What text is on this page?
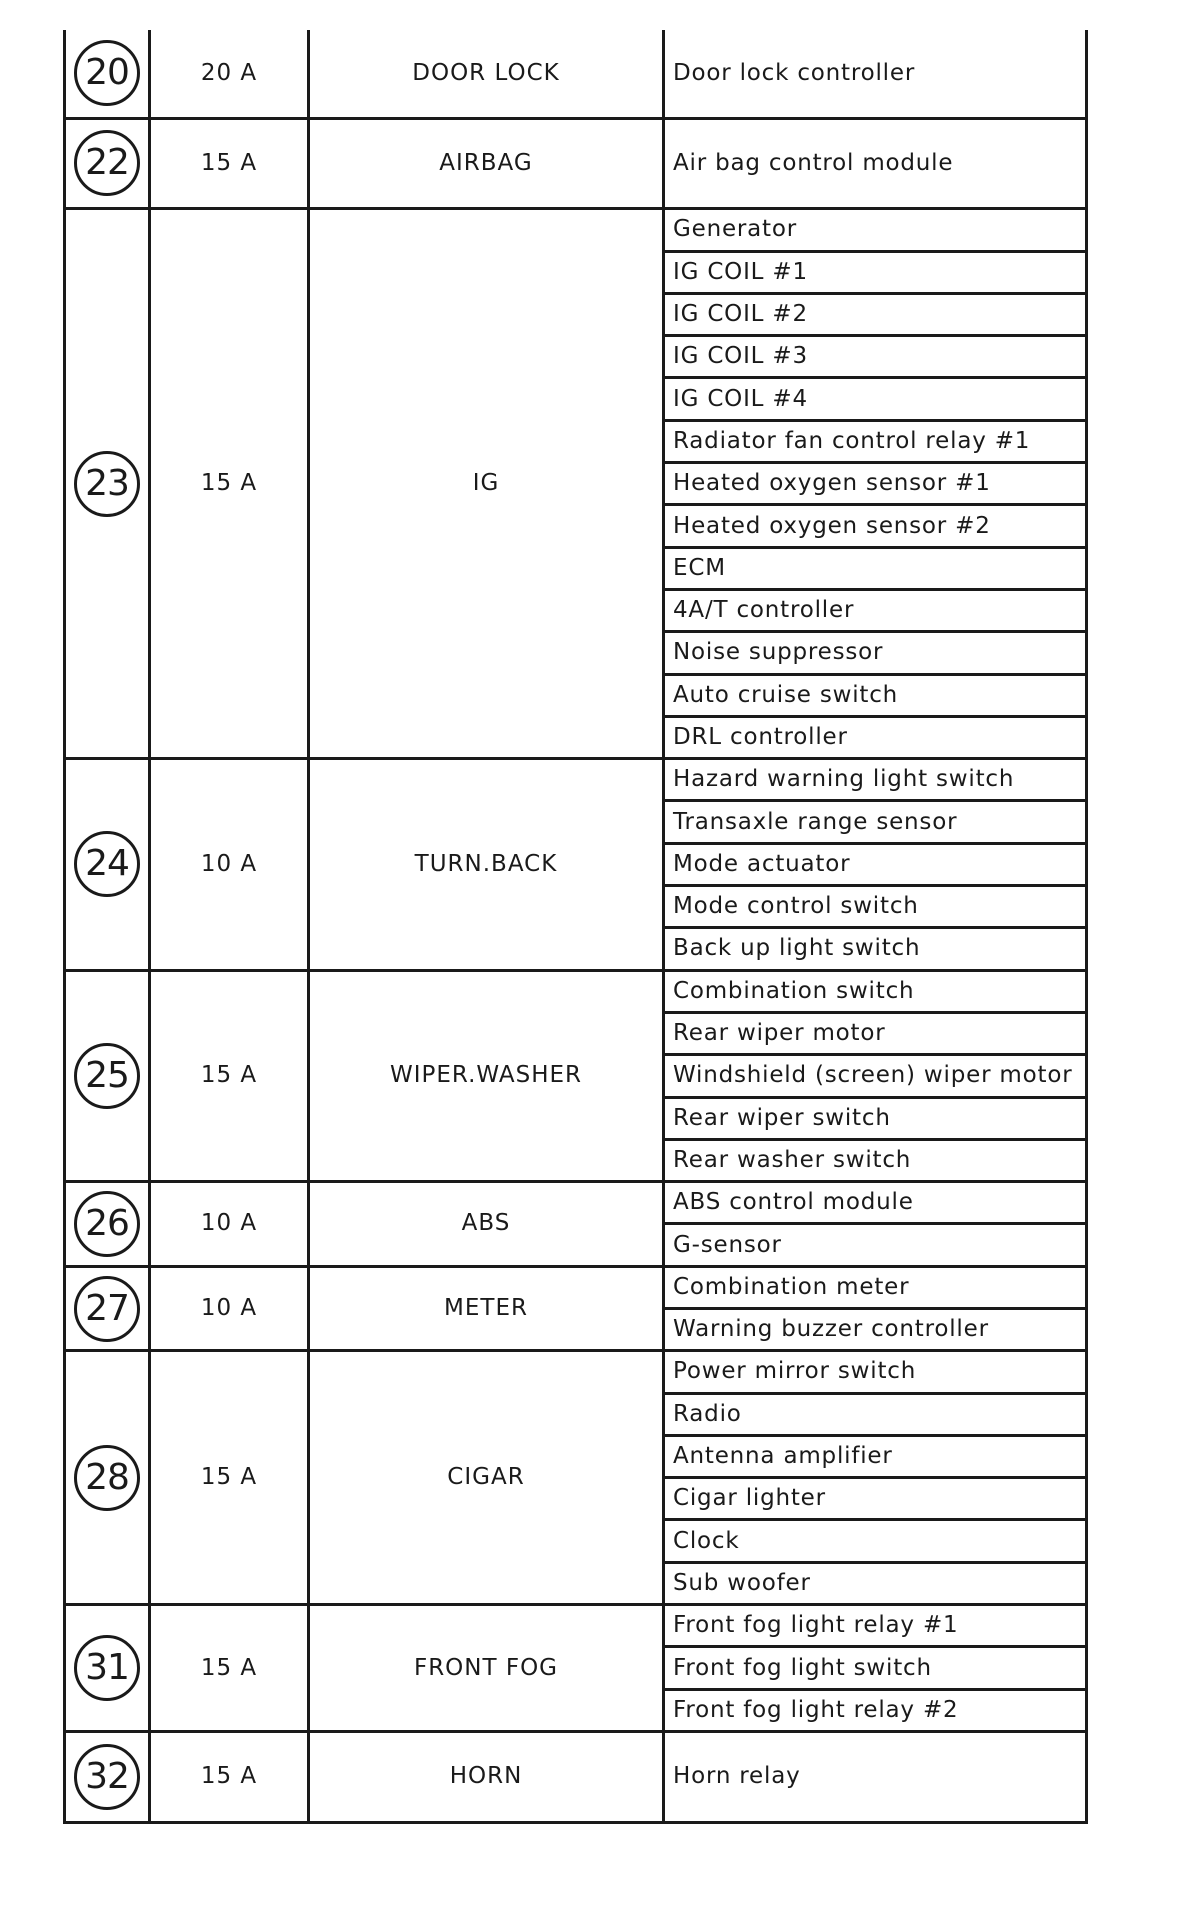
20	20 A	DOOR LOCK	Door lock controller
22	15 A	AIRBAG	Air bag control module
23	15 A	IG	Generator
			IG COIL #1
			IG COIL #2
			IG COIL #3
			IG COIL #4
			Radiator fan control relay #1
			Heated oxygen sensor #1
			Heated oxygen sensor #2
			ECM
			4A/T controller
			Noise suppressor
			Auto cruise switch
			DRL controller
24	10 A	TURN.BACK	Hazard warning light switch
			Transaxle range sensor
			Mode actuator
			Mode control switch
			Back up light switch
25	15 A	WIPER.WASHER	Combination switch
			Rear wiper motor
			Windshield (screen) wiper motor
			Rear wiper switch
			Rear washer switch
26	10 A	ABS	ABS control module
			G-sensor
27	10 A	METER	Combination meter
			Warning buzzer controller
28	15 A	CIGAR	Power mirror switch
			Radio
			Antenna amplifier
			Cigar lighter
			Clock
			Sub woofer
31	15 A	FRONT FOG	Front fog light relay #1
			Front fog light switch
			Front fog light relay #2
32	15 A	HORN	Horn relay
